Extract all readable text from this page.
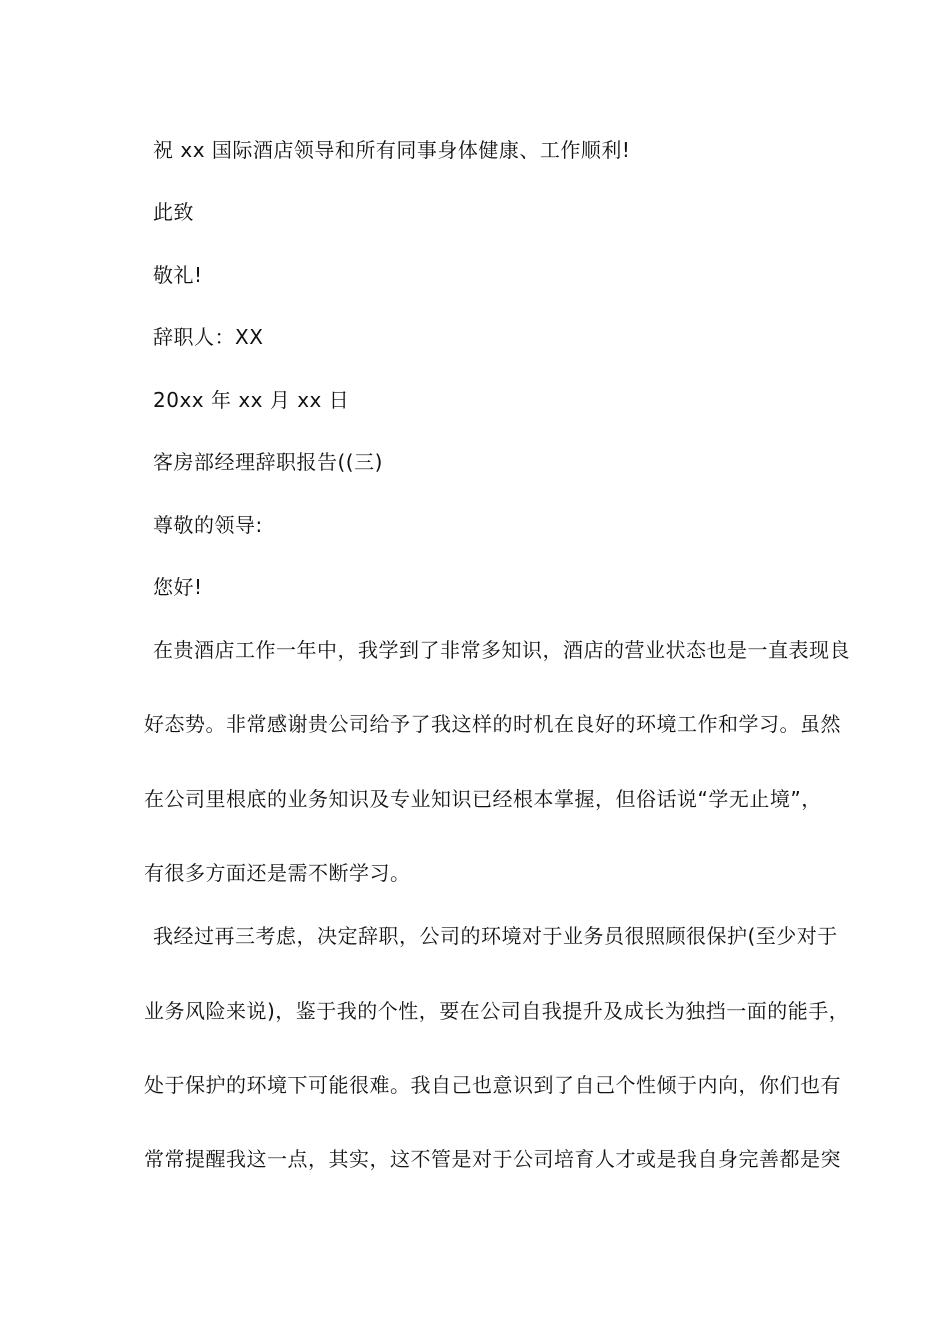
祝 xx 国际酒店领导和所有同事身体健康、工作顺利!
此致
敬礼!
辞职人：XX
20xx 年 xx 月 xx 日
客房部经理辞职报告((三)
尊敬的领导:
您好!
在贵酒店工作一年中，我学到了非常多知识，酒店的营业状态也是一直表现良
好态势。非常感谢贵公司给予了我这样的时机在良好的环境工作和学习。虽然
在公司里根底的业务知识及专业知识已经根本掌握，但俗话说“学无止境”，
有很多方面还是需不断学习。
我经过再三考虑，决定辞职，公司的环境对于业务员很照顾很保护(至少对于
业务风险来说)，鉴于我的个性，要在公司自我提升及成长为独挡一面的能手，
处于保护的环境下可能很难。我自己也意识到了自己个性倾于内向，你们也有
常常提醒我这一点，其实，这不管是对于公司培育人才或是我自身完善都是突
